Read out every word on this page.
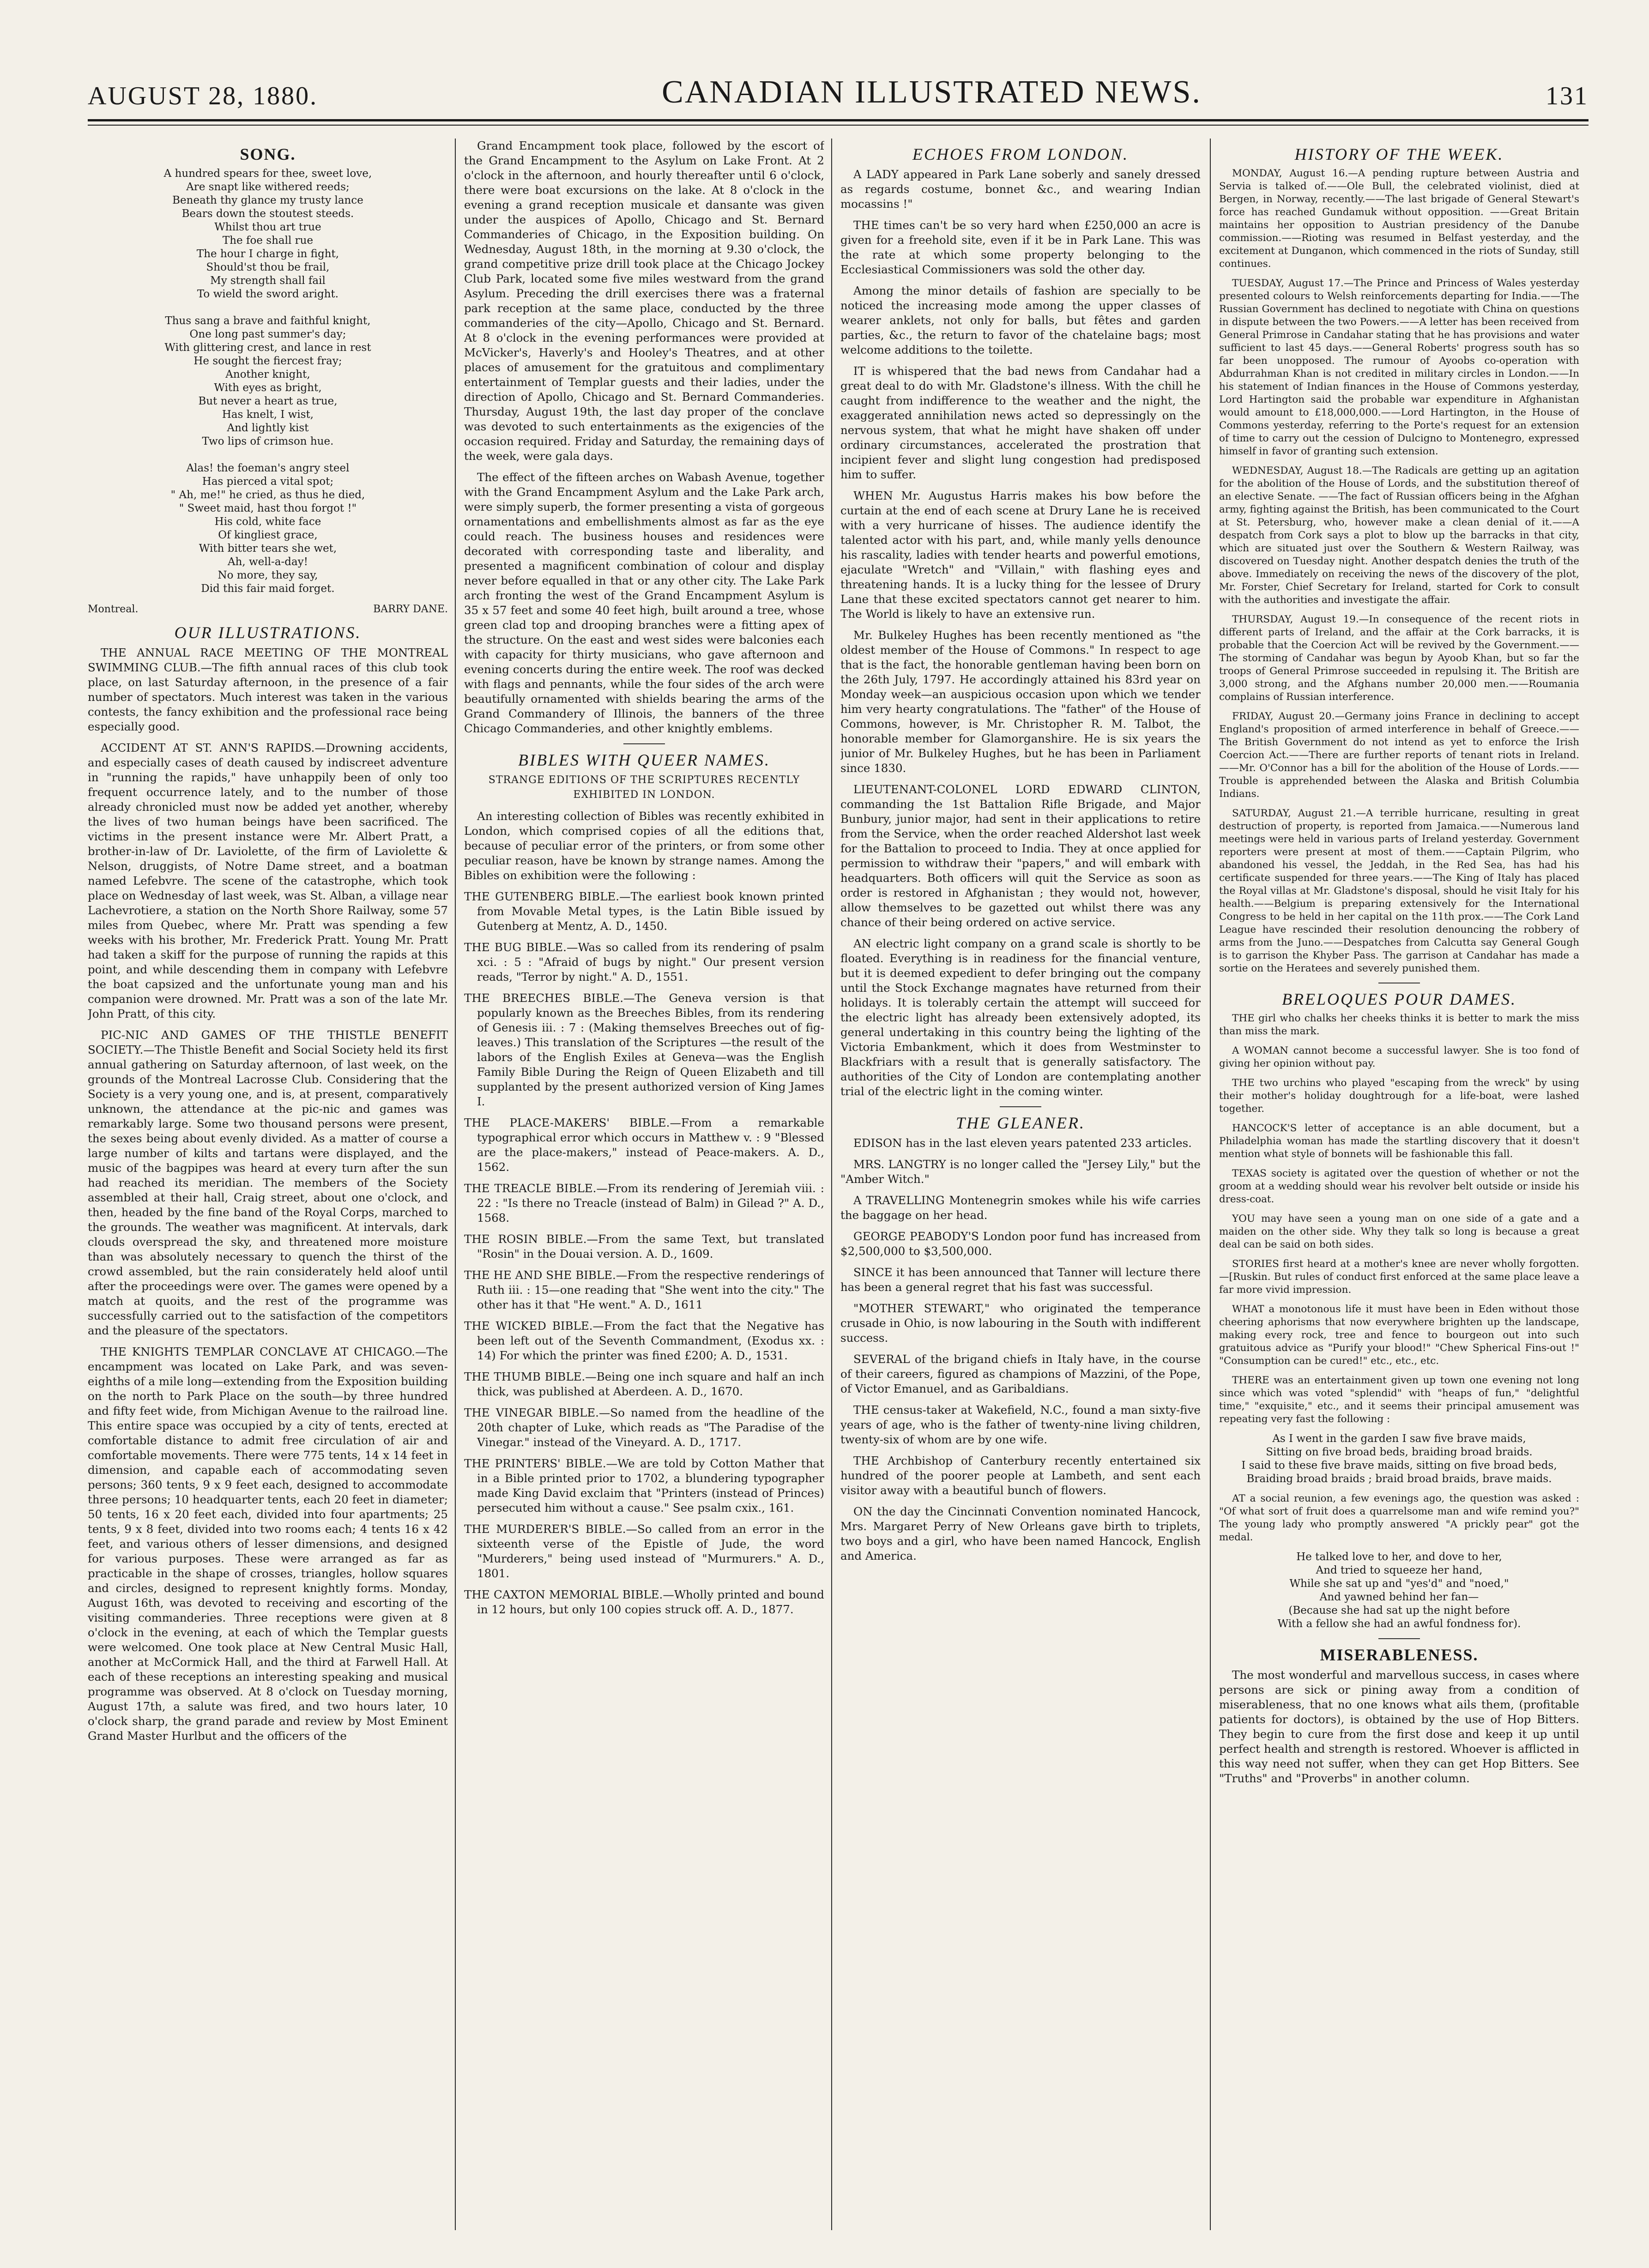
AUGUST 28, 1880.	CANADIAN ILLUSTRATED NEWS.	131
SONG.
A hundred spears for thee, sweet love,
Are snapt like withered reeds;
Beneath thy glance my trusty lance
Bears down the stoutest steeds.
Whilst thou art true
The foe shall rue
The hour I charge in fight,
Should'st thou be frail,
My strength shall fail
To wield the sword aright.

Thus sang a brave and faithful knight,
One long past summer's day;
With glittering crest, and lance in rest
He sought the fiercest fray;
Another knight,
With eyes as bright,
But never a heart as true,
Has knelt, I wist,
And lightly kist
Two lips of crimson hue.

Alas! the foeman's angry steel
Has pierced a vital spot;
" Ah, me!" he cried, as thus he died,
" Sweet maid, hast thou forgot !"
His cold, white face
Of kingliest grace,
With bitter tears she wet,
Ah, well-a-day!
No more, they say,
Did this fair maid forget.
Montreal.	BARRY DANE.
OUR ILLUSTRATIONS.

THE ANNUAL RACE MEETING OF THE MONTREAL SWIMMING CLUB.—The fifth annual races of this club took place, on last Saturday afternoon, in the presence of a fair number of spectators. Much interest was taken in the various contests, the fancy exhibition and the professional race being especially good.

ACCIDENT AT ST. ANN'S RAPIDS.—Drowning accidents, and especially cases of death caused by indiscreet adventure in "running the rapids," have unhappily been of only too frequent occurrence lately, and to the number of those already chronicled must now be added yet another, whereby the lives of two human beings have been sacrificed. The victims in the present instance were Mr. Albert Pratt, a brother-in-law of Dr. Laviolette, of the firm of Laviolette & Nelson, druggists, of Notre Dame street, and a boatman named Lefebvre. The scene of the catastrophe, which took place on Wednesday of last week, was St. Alban, a village near Lachevrotiere, a station on the North Shore Railway, some 57 miles from Quebec, where Mr. Pratt was spending a few weeks with his brother, Mr. Frederick Pratt. Young Mr. Pratt had taken a skiff for the purpose of running the rapids at this point, and while descending them in company with Lefebvre the boat capsized and the unfortunate young man and his companion were drowned. Mr. Pratt was a son of the late Mr. John Pratt, of this city.

PIC-NIC AND GAMES OF THE THISTLE BENEFIT SOCIETY.—The Thistle Benefit and Social Society held its first annual gathering on Saturday afternoon, of last week, on the grounds of the Montreal Lacrosse Club. Considering that the Society is a very young one, and is, at present, comparatively unknown, the attendance at the pic-nic and games was remarkably large. Some two thousand persons were present, the sexes being about evenly divided. As a matter of course a large number of kilts and tartans were displayed, and the music of the bagpipes was heard at every turn after the sun had reached its meridian. The members of the Society assembled at their hall, Craig street, about one o'clock, and then, headed by the fine band of the Royal Corps, marched to the grounds. The weather was magnificent. At intervals, dark clouds overspread the sky, and threatened more moisture than was absolutely necessary to quench the thirst of the crowd assembled, but the rain considerately held aloof until after the proceedings were over. The games were opened by a match at quoits, and the rest of the programme was successfully carried out to the satisfaction of the competitors and the pleasure of the spectators.

THE KNIGHTS TEMPLAR CONCLAVE AT CHICAGO.—The encampment was located on Lake Park, and was seven-eighths of a mile long—extending from the Exposition building on the north to Park Place on the south—by three hundred and fifty feet wide, from Michigan Avenue to the railroad line. This entire space was occupied by a city of tents, erected at comfortable distance to admit free circulation of air and comfortable movements. There were 775 tents, 14 x 14 feet in dimension, and capable each of accommodating seven persons; 360 tents, 9 x 9 feet each, designed to accommodate three persons; 10 headquarter tents, each 20 feet in diameter; 50 tents, 16 x 20 feet each, divided into four apartments; 25 tents, 9 x 8 feet, divided into two rooms each; 4 tents 16 x 42 feet, and various others of lesser dimensions, and designed for various purposes. These were arranged as far as practicable in the shape of crosses, triangles, hollow squares and circles, designed to represent knightly forms. Monday, August 16th, was devoted to receiving and escorting of the visiting commanderies. Three receptions were given at 8 o'clock in the evening, at each of which the Templar guests were welcomed. One took place at New Central Music Hall, another at McCormick Hall, and the third at Farwell Hall. At each of these receptions an interesting speaking and musical programme was observed. At 8 o'clock on Tuesday morning, August 17th, a salute was fired, and two hours later, 10 o'clock sharp, the grand parade and review by Most Eminent Grand Master Hurlbut and the officers of the

Grand Encampment took place, followed by the escort of the Grand Encampment to the Asylum on Lake Front. At 2 o'clock in the afternoon, and hourly thereafter until 6 o'clock, there were boat excursions on the lake. At 8 o'clock in the evening a grand reception musicale et dansante was given under the auspices of Apollo, Chicago and St. Bernard Commanderies of Chicago, in the Exposition building. On Wednesday, August 18th, in the morning at 9.30 o'clock, the grand competitive prize drill took place at the Chicago Jockey Club Park, located some five miles westward from the grand Asylum. Preceding the drill exercises there was a fraternal park reception at the same place, conducted by the three commanderies of the city—Apollo, Chicago and St. Bernard. At 8 o'clock in the evening performances were provided at McVicker's, Haverly's and Hooley's Theatres, and at other places of amusement for the gratuitous and complimentary entertainment of Templar guests and their ladies, under the direction of Apollo, Chicago and St. Bernard Commanderies. Thursday, August 19th, the last day proper of the conclave was devoted to such entertainments as the exigencies of the occasion required. Friday and Saturday, the remaining days of the week, were gala days.

The effect of the fifteen arches on Wabash Avenue, together with the Grand Encampment Asylum and the Lake Park arch, were simply superb, the former presenting a vista of gorgeous ornamentations and embellishments almost as far as the eye could reach. The business houses and residences were decorated with corresponding taste and liberality, and presented a magnificent combination of colour and display never before equalled in that or any other city. The Lake Park arch fronting the west of the Grand Encampment Asylum is 35 x 57 feet and some 40 feet high, built around a tree, whose green clad top and drooping branches were a fitting apex of the structure. On the east and west sides were balconies each with capacity for thirty musicians, who gave afternoon and evening concerts during the entire week. The roof was decked with flags and pennants, while the four sides of the arch were beautifully ornamented with shields bearing the arms of the Grand Commandery of Illinois, the banners of the three Chicago Commanderies, and other knightly emblems.

BIBLES WITH QUEER NAMES.
STRANGE EDITIONS OF THE SCRIPTURES RECENTLY EXHIBITED IN LONDON.

An interesting collection of Bibles was recently exhibited in London, which comprised copies of all the editions that, because of peculiar error of the printers, or from some other peculiar reason, have be known by strange names. Among the Bibles on exhibition were the following :

THE GUTENBERG BIBLE.—The earliest book known printed from Movable Metal types, is the Latin Bible issued by Gutenberg at Mentz, A. D., 1450.

THE BUG BIBLE.—Was so called from its rendering of psalm xci. : 5 : "Afraid of bugs by night." Our present version reads, "Terror by night." A. D., 1551.

THE BREECHES BIBLE.—The Geneva version is that popularly known as the Breeches Bibles, from its rendering of Genesis iii. : 7 : (Making themselves Breeches out of fig-leaves.) This translation of the Scriptures —the result of the labors of the English Exiles at Geneva—was the English Family Bible During the Reign of Queen Elizabeth and till supplanted by the present authorized version of King James I.

THE PLACE-MAKERS' BIBLE.—From a remarkable typographical error which occurs in Matthew v. : 9 "Blessed are the place-makers," instead of Peace-makers. A. D., 1562.

THE TREACLE BIBLE.—From its rendering of Jeremiah viii. : 22 : "Is there no Treacle (instead of Balm) in Gilead ?" A. D., 1568.

THE ROSIN BIBLE.—From the same Text, but translated "Rosin" in the Douai version. A. D., 1609.

THE HE AND SHE BIBLE.—From the respective renderings of Ruth iii. : 15—one reading that "She went into the city." The other has it that "He went." A. D., 1611

THE WICKED BIBLE.—From the fact that the Negative has been left out of the Seventh Commandment, (Exodus xx. : 14) For which the printer was fined £200; A. D., 1531.

THE THUMB BIBLE.—Being one inch square and half an inch thick, was published at Aberdeen. A. D., 1670.

THE VINEGAR BIBLE.—So named from the headline of the 20th chapter of Luke, which reads as "The Paradise of the Vinegar." instead of the Vineyard. A. D., 1717.

THE PRINTERS' BIBLE.—We are told by Cotton Mather that in a Bible printed prior to 1702, a blundering typographer made King David exclaim that "Printers (instead of Princes) persecuted him without a cause." See psalm cxix., 161.

THE MURDERER'S BIBLE.—So called from an error in the sixteenth verse of the Epistle of Jude, the word "Murderers," being used instead of "Murmurers." A. D., 1801.

THE CAXTON MEMORIAL BIBLE.—Wholly printed and bound in 12 hours, but only 100 copies struck off. A. D., 1877.

ECHOES FROM LONDON.

A LADY appeared in Park Lane soberly and sanely dressed as regards costume, bonnet &c., and wearing Indian mocassins !"

THE times can't be so very hard when £250,000 an acre is given for a freehold site, even if it be in Park Lane. This was the rate at which some property belonging to the Ecclesiastical Commissioners was sold the other day.

Among the minor details of fashion are specially to be noticed the increasing mode among the upper classes of wearer anklets, not only for balls, but fêtes and garden parties, &c., the return to favor of the chatelaine bags; most welcome additions to the toilette.

IT is whispered that the bad news from Candahar had a great deal to do with Mr. Gladstone's illness. With the chill he caught from indifference to the weather and the night, the exaggerated annihilation news acted so depressingly on the nervous system, that what he might have shaken off under ordinary circumstances, accelerated the prostration that incipient fever and slight lung congestion had predisposed him to suffer.

WHEN Mr. Augustus Harris makes his bow before the curtain at the end of each scene at Drury Lane he is received with a very hurricane of hisses. The audience identify the talented actor with his part, and, while manly yells denounce his rascality, ladies with tender hearts and powerful emotions, ejaculate "Wretch" and "Villain," with flashing eyes and threatening hands. It is a lucky thing for the lessee of Drury Lane that these excited spectators cannot get nearer to him. The World is likely to have an extensive run.

Mr. Bulkeley Hughes has been recently mentioned as "the oldest member of the House of Commons." In respect to age that is the fact, the honorable gentleman having been born on the 26th July, 1797. He accordingly attained his 83rd year on Monday week—an auspicious occasion upon which we tender him very hearty congratulations. The "father" of the House of Commons, however, is Mr. Christopher R. M. Talbot, the honorable member for Glamorganshire. He is six years the junior of Mr. Bulkeley Hughes, but he has been in Parliament since 1830.

LIEUTENANT-COLONEL LORD EDWARD CLINTON, commanding the 1st Battalion Rifle Brigade, and Major Bunbury, junior major, had sent in their applications to retire from the Service, when the order reached Aldershot last week for the Battalion to proceed to India. They at once applied for permission to withdraw their "papers," and will embark with headquarters. Both officers will quit the Service as soon as order is restored in Afghanistan ; they would not, however, allow themselves to be gazetted out whilst there was any chance of their being ordered on active service.

AN electric light company on a grand scale is shortly to be floated. Everything is in readiness for the financial venture, but it is deemed expedient to defer bringing out the company until the Stock Exchange magnates have returned from their holidays. It is tolerably certain the attempt will succeed for the electric light has already been extensively adopted, its general undertaking in this country being the lighting of the Victoria Embankment, which it does from Westminster to Blackfriars with a result that is generally satisfactory. The authorities of the City of London are contemplating another trial of the electric light in the coming winter.

THE GLEANER.

EDISON has in the last eleven years patented 233 articles.

MRS. LANGTRY is no longer called the "Jersey Lily," but the "Amber Witch."

A TRAVELLING Montenegrin smokes while his wife carries the baggage on her head.

GEORGE PEABODY'S London poor fund has increased from $2,500,000 to $3,500,000.

SINCE it has been announced that Tanner will lecture there has been a general regret that his fast was successful.

"MOTHER STEWART," who originated the temperance crusade in Ohio, is now labouring in the South with indifferent success.

SEVERAL of the brigand chiefs in Italy have, in the course of their careers, figured as champions of Mazzini, of the Pope, of Victor Emanuel, and as Garibaldians.

THE census-taker at Wakefield, N.C., found a man sixty-five years of age, who is the father of twenty-nine living children, twenty-six of whom are by one wife.

THE Archbishop of Canterbury recently entertained six hundred of the poorer people at Lambeth, and sent each visitor away with a beautiful bunch of flowers.

ON the day the Cincinnati Convention nominated Hancock, Mrs. Margaret Perry of New Orleans gave birth to triplets, two boys and a girl, who have been named Hancock, English and America.

HISTORY OF THE WEEK.

MONDAY, August 16.—A pending rupture between Austria and Servia is talked of.——Ole Bull, the celebrated violinist, died at Bergen, in Norway, recently.——The last brigade of General Stewart's force has reached Gundamuk without opposition. ——Great Britain maintains her opposition to Austrian presidency of the Danube commission.——Rioting was resumed in Belfast yesterday, and the excitement at Dunganon, which commenced in the riots of Sunday, still continues.

TUESDAY, August 17.—The Prince and Princess of Wales yesterday presented colours to Welsh reinforcements departing for India.——The Russian Government has declined to negotiate with China on questions in dispute between the two Powers.——A letter has been received from General Primrose in Candahar stating that he has provisions and water sufficient to last 45 days.——General Roberts' progress south has so far been unopposed. The rumour of Ayoobs co-operation with Abdurrahman Khan is not credited in military circles in London.——In his statement of Indian finances in the House of Commons yesterday, Lord Hartington said the probable war expenditure in Afghanistan would amount to £18,000,000.——Lord Hartington, in the House of Commons yesterday, referring to the Porte's request for an extension of time to carry out the cession of Dulcigno to Montenegro, expressed himself in favor of granting such extension.

WEDNESDAY, August 18.—The Radicals are getting up an agitation for the abolition of the House of Lords, and the substitution thereof of an elective Senate. ——The fact of Russian officers being in the Afghan army, fighting against the British, has been communicated to the Court at St. Petersburg, who, however make a clean denial of it.——A despatch from Cork says a plot to blow up the barracks in that city, which are situated just over the Southern & Western Railway, was discovered on Tuesday night. Another despatch denies the truth of the above. Immediately on receiving the news of the discovery of the plot, Mr. Forster, Chief Secretary for Ireland, started for Cork to consult with the authorities and investigate the affair.

THURSDAY, August 19.—In consequence of the recent riots in different parts of Ireland, and the affair at the Cork barracks, it is probable that the Coercion Act will be revived by the Government.——The storming of Candahar was begun by Ayoob Khan, but so far the troops of General Primrose succeeded in repulsing it. The British are 3,000 strong, and the Afghans number 20,000 men.——Roumania complains of Russian interference.

FRIDAY, August 20.—Germany joins France in declining to accept England's proposition of armed interference in behalf of Greece.——The British Government do not intend as yet to enforce the Irish Coercion Act.——There are further reports of tenant riots in Ireland.——Mr. O'Connor has a bill for the abolition of the House of Lords.——Trouble is apprehended between the Alaska and British Columbia Indians.

SATURDAY, August 21.—A terrible hurricane, resulting in great destruction of property, is reported from Jamaica.——Numerous land meetings were held in various parts of Ireland yesterday. Government reporters were present at most of them.——Captain Pilgrim, who abandoned his vessel, the Jeddah, in the Red Sea, has had his certificate suspended for three years.——The King of Italy has placed the Royal villas at Mr. Gladstone's disposal, should he visit Italy for his health.——Belgium is preparing extensively for the International Congress to be held in her capital on the 11th prox.——The Cork Land League have rescinded their resolution denouncing the robbery of arms from the Juno.——Despatches from Calcutta say General Gough is to garrison the Khyber Pass. The garrison at Candahar has made a sortie on the Heratees and severely punished them.

BRELOQUES POUR DAMES.

THE girl who chalks her cheeks thinks it is better to mark the miss than miss the mark.

A WOMAN cannot become a successful lawyer. She is too fond of giving her opinion without pay.

THE two urchins who played "escaping from the wreck" by using their mother's holiday doughtrough for a life-boat, were lashed together.

HANCOCK'S letter of acceptance is an able document, but a Philadelphia woman has made the startling discovery that it doesn't mention what style of bonnets will be fashionable this fall.

TEXAS society is agitated over the question of whether or not the groom at a wedding should wear his revolver belt outside or inside his dress-coat.

YOU may have seen a young man on one side of a gate and a maiden on the other side. Why they talk so long is because a great deal can be said on both sides.

STORIES first heard at a mother's knee are never wholly forgotten.—[Ruskin. But rules of conduct first enforced at the same place leave a far more vivid impression.

WHAT a monotonous life it must have been in Eden without those cheering aphorisms that now everywhere brighten up the landscape, making every rock, tree and fence to bourgeon out into such gratuitous advice as "Purify your blood!" "Chew Spherical Fins-out !" "Consumption can be cured!" etc., etc., etc.

THERE was an entertainment given up town one evening not long since which was voted "splendid" with "heaps of fun," "delightful time," "exquisite," etc., and it seems their principal amusement was repeating very fast the following :

As I went in the garden I saw five brave maids,
Sitting on five broad beds, braiding broad braids.
I said to these five brave maids, sitting on five broad beds,
Braiding broad braids ; braid broad braids, brave maids.

AT a social reunion, a few evenings ago, the question was asked : "Of what sort of fruit does a quarrelsome man and wife remind you?" The young lady who promptly answered "A prickly pear" got the medal.

He talked love to her, and dove to her,
And tried to squeeze her hand,
While she sat up and "yes'd" and "noed,"
And yawned behind her fan—
(Because she had sat up the night before
With a fellow she had an awful fondness for).
MISERABLENESS.

The most wonderful and marvellous success, in cases where persons are sick or pining away from a condition of miserableness, that no one knows what ails them, (profitable patients for doctors), is obtained by the use of Hop Bitters. They begin to cure from the first dose and keep it up until perfect health and strength is restored. Whoever is afflicted in this way need not suffer, when they can get Hop Bitters. See "Truths" and "Proverbs" in another column.
